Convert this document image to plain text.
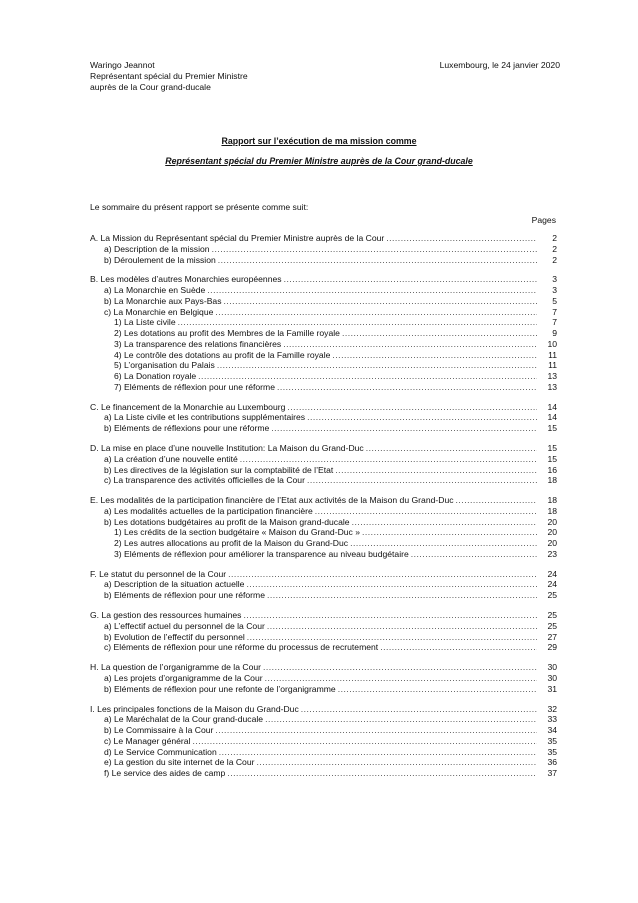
Waringo Jeannot
Représentant spécial du Premier Ministre
auprès de la Cour grand-ducale
Luxembourg, le 24 janvier 2020
Rapport sur l’exécution de ma mission comme
Représentant spécial du Premier Ministre auprès de la Cour grand-ducale
Le sommaire du présent rapport se présente comme suit:
Pages
A. La Mission du Représentant spécial du Premier Ministre auprès de la Cour .....	2
a) Description de la mission .....	2
b) Déroulement de la mission .....	2
B. Les modèles d’autres Monarchies européennes .....	3
a) La Monarchie en Suède .....	3
b) La Monarchie aux Pays-Bas .....	5
c) La Monarchie en Belgique .....	7
1) La Liste civile .....	7
2) Les dotations au profit des Membres de la Famille royale .....	9
3) La transparence des relations financières .....	10
4) Le contrôle des dotations au profit de la Famille royale .....	11
5) L’organisation du Palais .....	11
6) La Donation royale .....	13
7) Eléments de réflexion pour une réforme .....	13
C. Le financement de la Monarchie au Luxembourg .....	14
a) La Liste civile et les contributions supplémentaires .....	14
b) Eléments de réflexions pour une réforme .....	15
D. La mise en place d’une nouvelle Institution: La Maison du Grand-Duc .....	15
a) La création d’une nouvelle entité .....	15
b) Les directives de la législation sur la comptabilité de l’Etat .....	16
c) La transparence des activités officielles de la Cour .....	18
E. Les modalités de la participation financière de l’Etat aux activités de la Maison du Grand-Duc .....	18
a) Les modalités actuelles de la participation financière .....	18
b) Les dotations budgétaires au profit de la Maison grand-ducale .....	20
1) Les crédits de la section budgétaire « Maison du Grand-Duc » .....	20
2) Les autres allocations au profit de la Maison du Grand-Duc .....	20
3) Eléments de réflexion pour améliorer la transparence au niveau budgétaire .....	23
F. Le statut du personnel de la Cour .....	24
a) Description de la situation actuelle .....	24
b) Eléments de réflexion pour une réforme .....	25
G. La gestion des ressources humaines .....	25
a) L’effectif actuel du personnel de la Cour .....	25
b) Evolution de l’effectif du personnel .....	27
c) Eléments de réflexion pour une réforme du processus de recrutement .....	29
H. La question de l’organigramme de la Cour .....	30
a) Les projets d’organigramme de la Cour .....	30
b) Eléments de réflexion pour une refonte de l’organigramme .....	31
I. Les principales fonctions de la Maison du Grand-Duc .....	32
a) Le Maréchalat de la Cour grand-ducale .....	33
b) Le Commissaire à la Cour .....	34
c) Le Manager général .....	35
d) Le Service Communication .....	35
e) La gestion du site internet de la Cour .....	36
f) Le service des aides de camp .....	37
